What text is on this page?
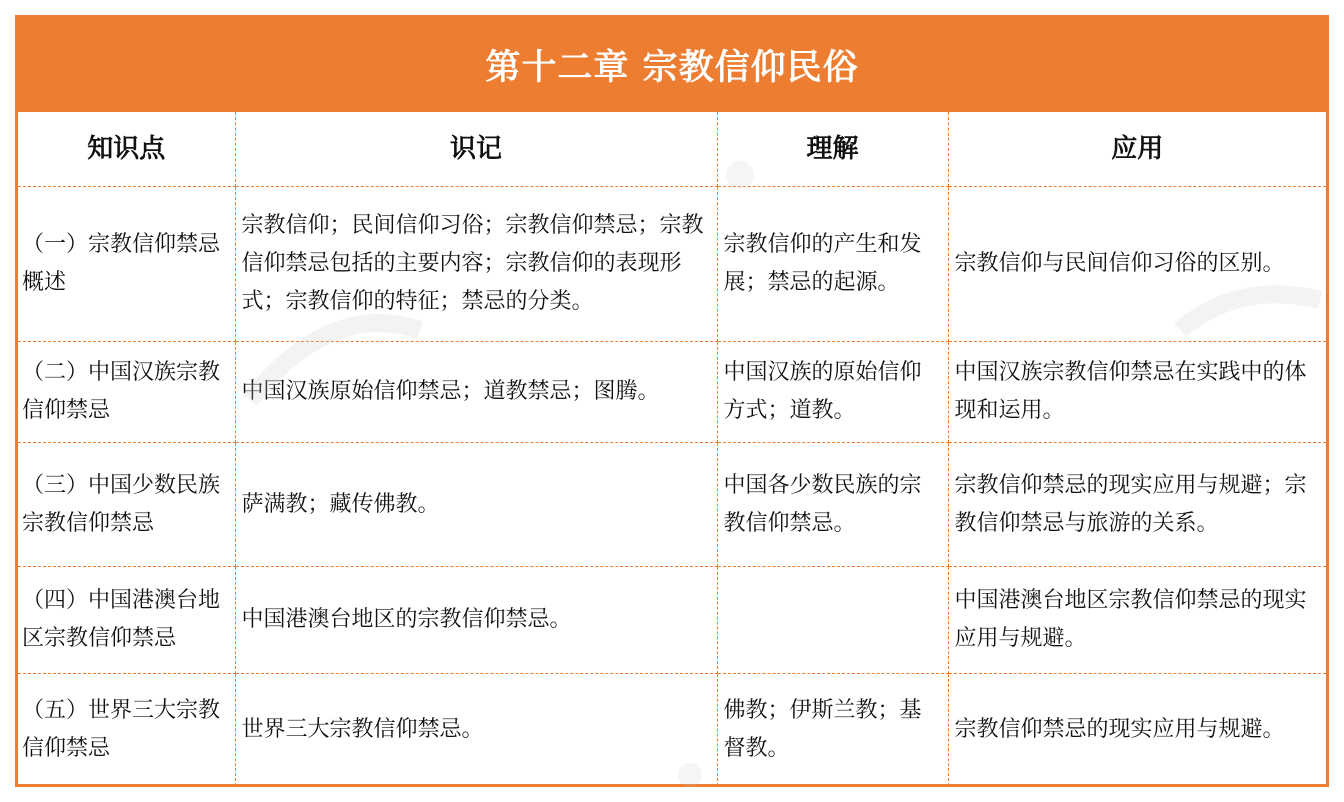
第十二章 宗教信仰民俗
知识点	识记	理解	应用
（一）宗教信仰禁忌概述	宗教信仰；民间信仰习俗；宗教信仰禁忌；宗教信仰禁忌包括的主要内容；宗教信仰的表现形式；宗教信仰的特征；禁忌的分类。	宗教信仰的产生和发展；禁忌的起源。	宗教信仰与民间信仰习俗的区别。
（二）中国汉族宗教信仰禁忌	中国汉族原始信仰禁忌；道教禁忌；图腾。	中国汉族的原始信仰方式；道教。	中国汉族宗教信仰禁忌在实践中的体现和运用。
（三）中国少数民族宗教信仰禁忌	萨满教；藏传佛教。	中国各少数民族的宗教信仰禁忌。	宗教信仰禁忌的现实应用与规避；宗教信仰禁忌与旅游的关系。
（四）中国港澳台地区宗教信仰禁忌	中国港澳台地区的宗教信仰禁忌。		中国港澳台地区宗教信仰禁忌的现实应用与规避。
（五）世界三大宗教信仰禁忌	世界三大宗教信仰禁忌。	佛教；伊斯兰教；基督教。	宗教信仰禁忌的现实应用与规避。
